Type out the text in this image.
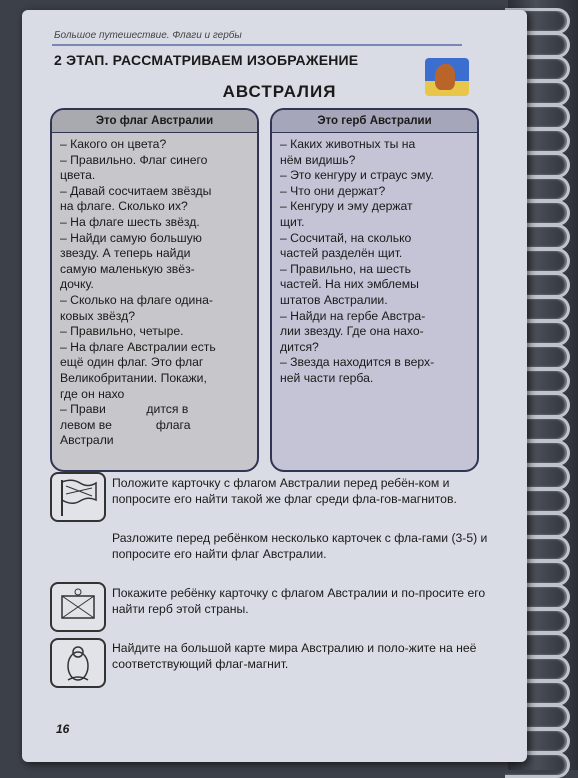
Большое путешествие. Флаги и гербы
2 ЭТАП. РАССМАТРИВАЕМ ИЗОБРАЖЕНИЕ
АВСТРАЛИЯ
Это флаг Австралии
– Какого он цвета?
– Правильно. Флаг синего
цвета.
– Давай сосчитаем звёзды
на флаге. Сколько их?
– На флаге шесть звёзд.
– Найди самую большую
звезду. А теперь найди
самую маленькую звёз-
дочку.
– Сколько на флаге одина-
ковых звёзд?
– Правильно, четыре.
– На флаге Австралии есть
ещё один флаг. Это флаг
Великобритании. Покажи,
где он нахо
– Прави            дится в
левом ве             флага
Австрали
Это герб Австралии
– Каких животных ты на
нём видишь?
– Это кенгуру и страус эму.
– Что они держат?
– Кенгуру и эму держат
щит.
– Сосчитай, на сколько
частей разделён щит.
– Правильно, на шесть
частей. На них эмблемы
штатов Австралии.
– Найди на гербе Австра-
лии звезду. Где она нахо-
дится?
– Звезда находится в верх-
ней части герба.
Положите карточку с флагом Австралии перед ребён-ком и попросите его найти такой же флаг среди фла-гов-магнитов.
Разложите перед ребёнком несколько карточек с фла-гами (3-5) и попросите его найти флаг Австралии.
Покажите ребёнку карточку с флагом Австралии и по-просите его найти герб этой страны.
Найдите на большой карте мира Австралию и поло-жите на неё соответствующий флаг-магнит.
16
